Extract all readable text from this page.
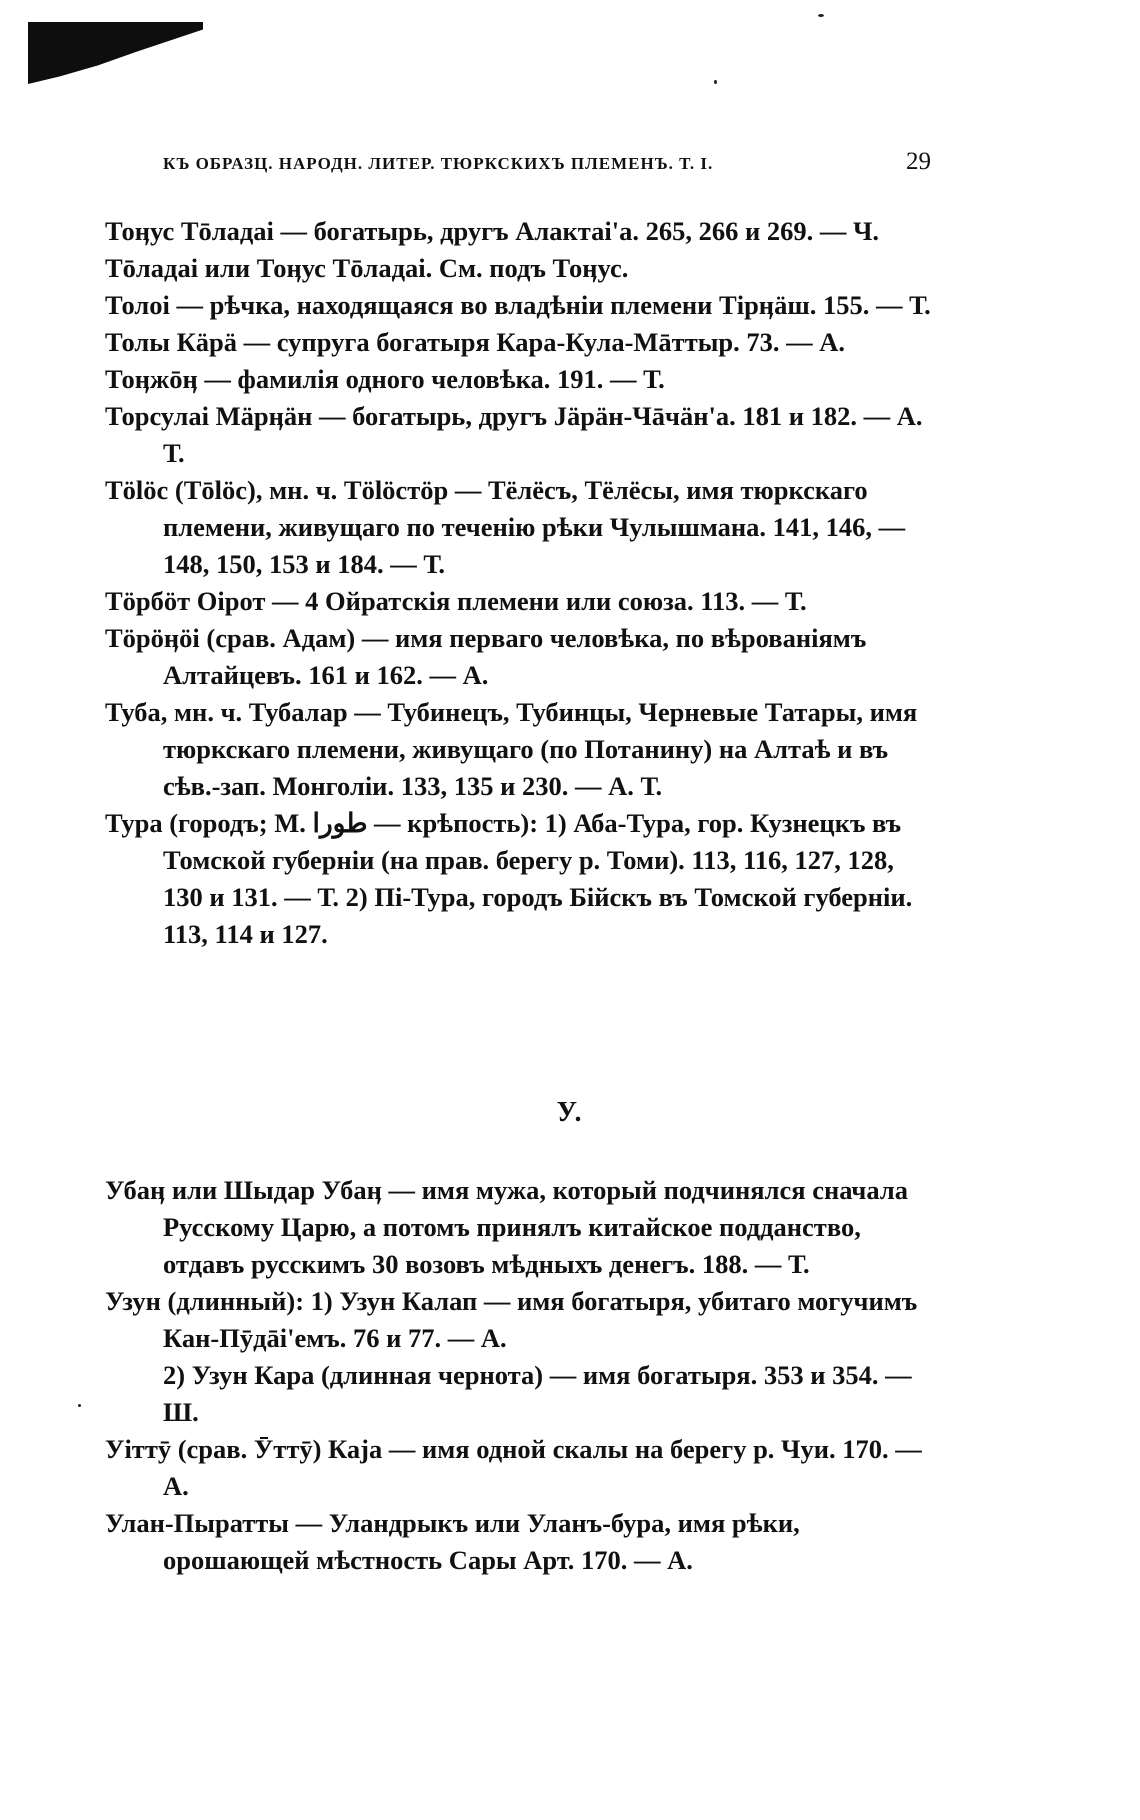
КЪ ОБРАЗЦ. НАРОДН. ЛИТЕР. ТЮРКСКИХЪ ПЛЕМЕНЪ. Т. I.	29

Тоӊус Тōладаі — богатырь, другъ Алактаі'а. 265, 266 и 269. — Ч.

Тōладаі или Тоӊус Тōладаі. См. подъ Тоӊус.

Толоі — рѣчка, находящаяся во владѣніи племени Тірӊäш. 155. — Т.

Толы Кäрä — супруга богатыря Кара-Кула-Мāттыр. 73. — А.

Тоӊжōӊ — фамилія одного человѣка. 191. — Т.

Торсулаі Мäрӊäн — богатырь, другъ Јäрäн-Чāчäн'а. 181 и 182. — А. Т.

Тölöc (Тōlöc), мн. ч. Тölöстöр — Тёлёсъ, Тёлёсы, имя тюркскаго племени, живущаго по теченію рѣки Чулышмана. 141, 146, — 148, 150, 153 и 184. — Т.

Тöрбöт Оірот — 4 Ойратскія племени или союза. 113. — Т.

Тöрöӊöі (срав. Адам) — имя перваго человѣка, по вѣрованіямъ Алтайцевъ. 161 и 162. — А.

Туба, мн. ч. Тубалар — Тубинецъ, Тубинцы, Черневые Татары, имя тюркскаго племени, живущаго (по Потанину) на Алтаѣ и въ сѣв.-зап. Монголіи. 133, 135 и 230. — А. Т.

Тура (городъ; М. طورا — крѣпость): 1) Аба-Тура, гор. Кузнецкъ въ Томской губерніи (на прав. берегу р. Томи). 113, 116, 127, 128, 130 и 131. — Т. 2) Пі-Тура, городъ Бійскъ въ Томской губерніи. 113, 114 и 127.

У.

Убаӊ или Шыдар Убаӊ — имя мужа, который подчинялся сначала Русскому Царю, а потомъ принялъ китайское подданство, отдавъ русскимъ 30 возовъ мѣдныхъ денегъ. 188. — Т.

Узун (длинный): 1) Узун Калап — имя богатыря, убитаго могучимъ Кан-Пӯдāі'емъ. 76 и 77. — А.

2) Узун Кара (длинная чернота) — имя богатыря. 353 и 354. — Ш.

Уіттӯ (срав. Ӯттӯ) Каја — имя одной скалы на берегу р. Чуи. 170. — А.

Улан-Пыратты — Уландрыкъ или Уланъ-бура, имя рѣки, орошающей мѣстность Сары Арт. 170. — А.
